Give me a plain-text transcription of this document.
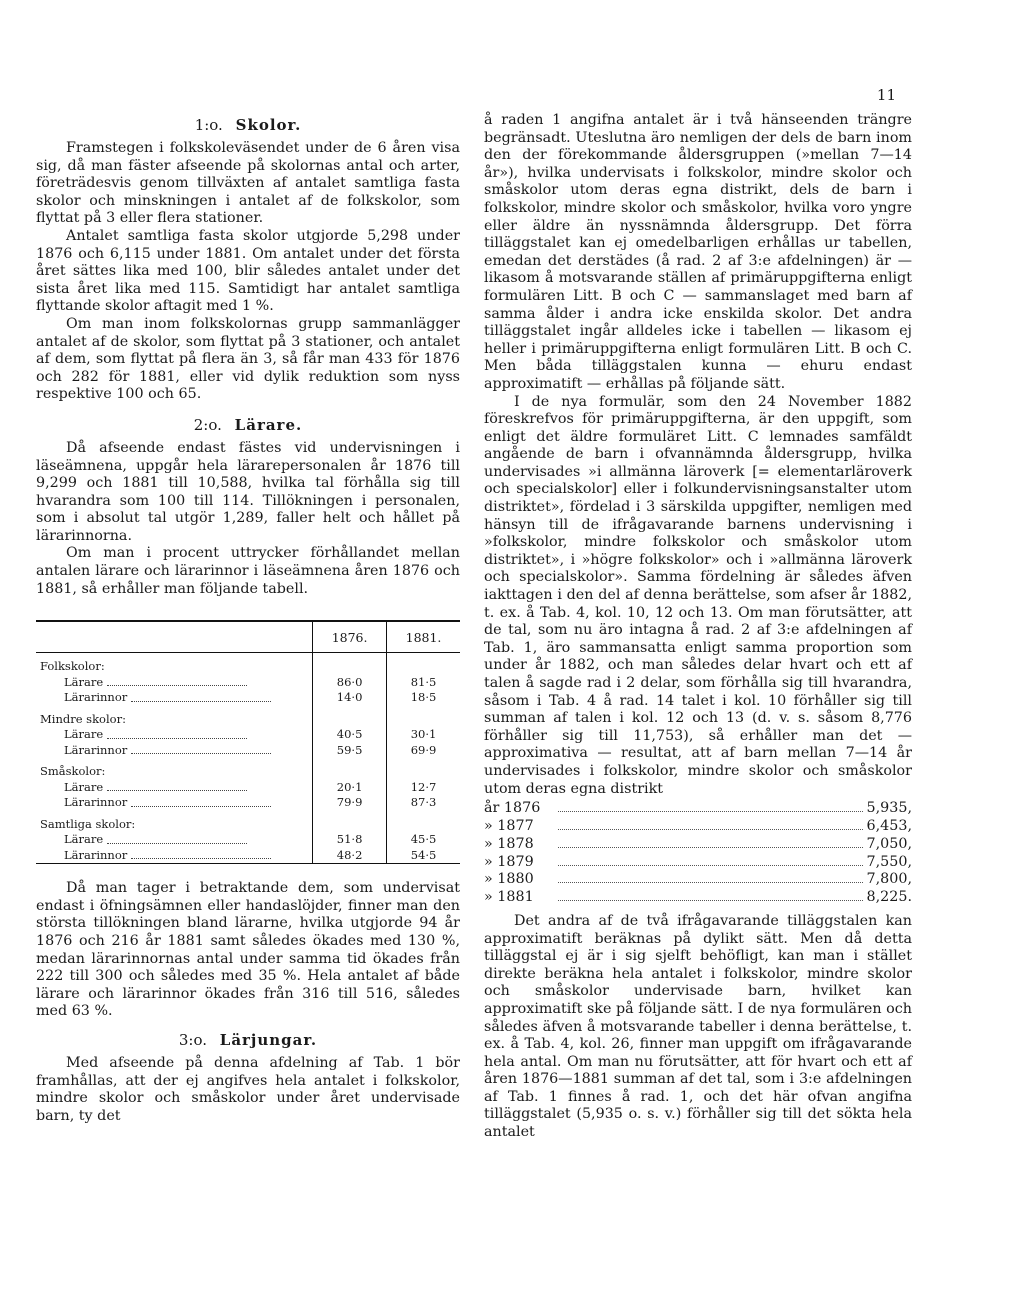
11
1:o. Skolor.

Framstegen i folkskoleväsendet under de 6 åren visa sig, då man fäster afseende på skolornas antal och arter, företrädesvis genom tillväxten af antalet samtliga fasta skolor och minskningen i antalet af de folkskolor, som flyttat på 3 eller flera stationer.

Antalet samtliga fasta skolor utgjorde 5,298 under 1876 och 6,115 under 1881. Om antalet under det första året sättes lika med 100, blir således antalet under det sista året lika med 115. Samtidigt har antalet samtliga flyttande skolor aftagit med 1 %.

Om man inom folkskolornas grupp sammanlägger antalet af de skolor, som flyttat på 3 stationer, och antalet af dem, som flyttat på flera än 3, så får man 433 för 1876 och 282 för 1881, eller vid dylik reduktion som nyss respektive 100 och 65.

2:o. Lärare.

Då afseende endast fästes vid undervisningen i läseämnena, uppgår hela lärarepersonalen år 1876 till 9,299 och 1881 till 10,588, hvilka tal förhålla sig till hvarandra som 100 till 114. Tillökningen i personalen, som i absolut tal utgör 1,289, faller helt och hållet på lärarinnorna.

Om man i procent uttrycker förhållandet mellan antalen lärare och lärarinnor i läseämnena åren 1876 och 1881, så erhåller man följande tabell.

	1876.	1881.
Folkskolor:		
Lärare	86·0	81·5
Lärarinnor	14·0	18·5
Mindre skolor:		
Lärare	40·5	30·1
Lärarinnor	59·5	69·9
Småskolor:		
Lärare	20·1	12·7
Lärarinnor	79·9	87·3
Samtliga skolor:		
Lärare	51·8	45·5
Lärarinnor	48·2	54·5

Då man tager i betraktande dem, som undervisat endast i öfningsämnen eller handaslöjder, finner man den största tillökningen bland lärarne, hvilka utgjorde 94 år 1876 och 216 år 1881 samt således ökades med 130 %, medan lärarinnornas antal under samma tid ökades från 222 till 300 och således med 35 %. Hela antalet af både lärare och lärarinnor ökades från 316 till 516, således med 63 %.

3:o. Lärjungar.

Med afseende på denna afdelning af Tab. 1 bör framhållas, att der ej angifves hela antalet i folkskolor, mindre skolor och småskolor under året undervisade barn, ty det

å raden 1 angifna antalet är i två hänseenden trängre begränsadt. Uteslutna äro nemligen der dels de barn inom den der förekommande åldersgruppen (»mellan 7—14 år»), hvilka undervisats i folkskolor, mindre skolor och småskolor utom deras egna distrikt, dels de barn i folkskolor, mindre skolor och småskolor, hvilka voro yngre eller äldre än nyssnämnda åldersgrupp. Det förra tilläggstalet kan ej omedelbarligen erhållas ur tabellen, emedan det derstädes (å rad. 2 af 3:e afdelningen) är — likasom å motsvarande ställen af primäruppgifterna enligt formulären Litt. B och C — sammanslaget med barn af samma ålder i andra icke enskilda skolor. Det andra tilläggstalet ingår alldeles icke i tabellen — likasom ej heller i primäruppgifterna enligt formulären Litt. B och C. Men båda tilläggstalen kunna — ehuru endast approximatift — erhållas på följande sätt.

I de nya formulär, som den 24 November 1882 föreskrefvos för primäruppgifterna, är den uppgift, som enligt det äldre formuläret Litt. C lemnades samfäldt angående de barn i ofvannämnda åldersgrupp, hvilka undervisades »i allmänna läroverk [= elementarläroverk och specialskolor] eller i folkundervisningsanstalter utom distriktet», fördelad i 3 särskilda uppgifter, nemligen med hänsyn till de ifrågavarande barnens undervisning i »folkskolor, mindre folkskolor och småskolor utom distriktet», i »högre folkskolor» och i »allmänna läroverk och specialskolor». Samma fördelning är således äfven iakttagen i den del af denna berättelse, som afser år 1882, t. ex. å Tab. 4, kol. 10, 12 och 13. Om man förutsätter, att de tal, som nu äro intagna å rad. 2 af 3:e afdelningen af Tab. 1, äro sammansatta enligt samma proportion som under år 1882, och man således delar hvart och ett af talen å sagde rad i 2 delar, som förhålla sig till hvarandra, såsom i Tab. 4 å rad. 14 talet i kol. 10 förhåller sig till summan af talen i kol. 12 och 13 (d. v. s. såsom 8,776 förhåller sig till 11,753), så erhåller man det — approximativa — resultat, att af barn mellan 7—14 år undervisades i folkskolor, mindre skolor och småskolor utom deras egna distrikt

år 1876	5,935,
» 1877	6,453,
» 1878	7,050,
» 1879	7,550,
» 1880	7,800,
» 1881	8,225.

Det andra af de två ifrågavarande tilläggstalen kan approximatift beräknas på dylikt sätt. Men då detta tilläggstal ej är i sig sjelft behöfligt, kan man i stället direkte beräkna hela antalet i folkskolor, mindre skolor och småskolor undervisade barn, hvilket kan approximatift ske på följande sätt. I de nya formulären och således äfven å motsvarande tabeller i denna berättelse, t. ex. å Tab. 4, kol. 26, finner man uppgift om ifrågavarande hela antal. Om man nu förutsätter, att för hvart och ett af åren 1876—1881 summan af det tal, som i 3:e afdelningen af Tab. 1 finnes å rad. 1, och det här ofvan angifna tilläggstalet (5,935 o. s. v.) förhåller sig till det sökta hela antalet
